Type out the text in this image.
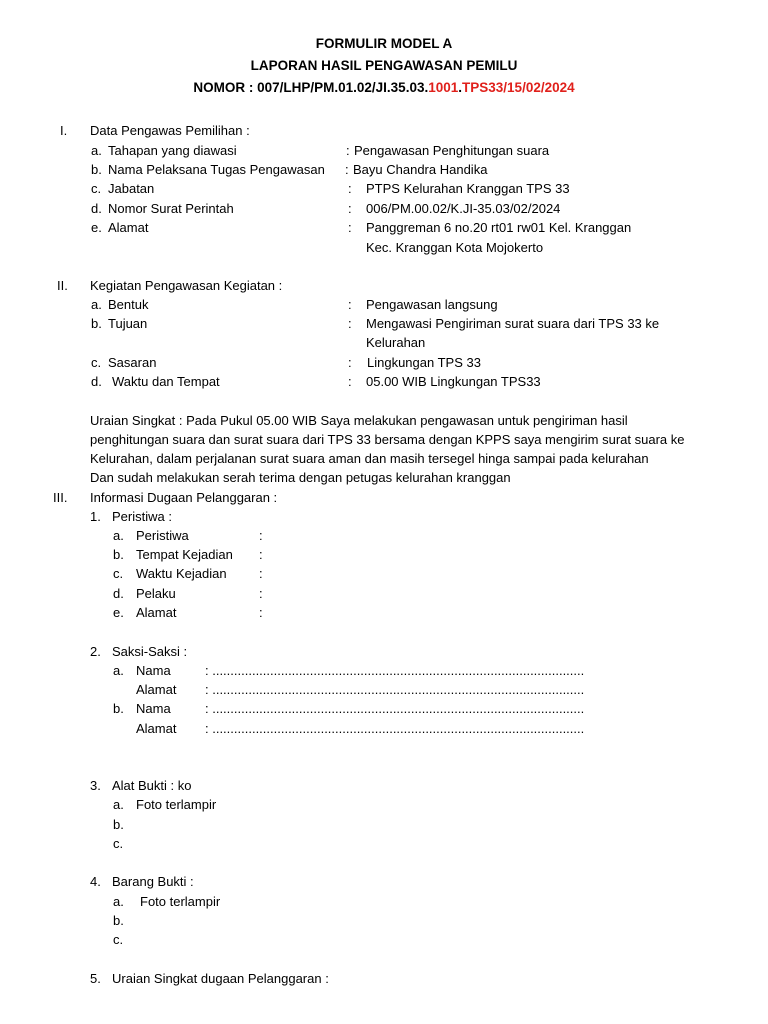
FORMULIR MODEL A
LAPORAN HASIL PENGAWASAN PEMILU
NOMOR : 007/LHP/PM.01.02/JI.35.03.1001.TPS33/15/02/2024
I. Data Pengawas Pemilihan :
a. Tahapan yang diawasi	: Pengawasan Penghitungan suara
b. Nama Pelaksana Tugas Pengawasan : Bayu Chandra Handika
c. Jabatan	: PTPS Kelurahan Kranggan TPS 33
d. Nomor Surat Perintah	: 006/PM.00.02/K.JI-35.03/02/2024
e. Alamat	: Panggreman 6 no.20 rt01 rw01 Kel. Kranggan
Kec. Kranggan Kota Mojokerto
II. Kegiatan Pengawasan Kegiatan :
a. Bentuk	: Pengawasan langsung
b. Tujuan	: Mengawasi Pengiriman surat suara dari TPS 33 ke
Kelurahan
c. Sasaran	: Lingkungan TPS 33
d. Waktu dan Tempat	: 05.00 WIB Lingkungan TPS33
Uraian Singkat : Pada Pukul 05.00 WIB Saya melakukan pengawasan untuk pengiriman hasil
penghitungan suara dan surat suara dari TPS 33 bersama dengan KPPS saya mengirim surat suara ke
Kelurahan, dalam perjalanan surat suara aman dan masih tersegel hinga sampai pada kelurahan
Dan sudah melakukan serah terima dengan petugas kelurahan kranggan
III. Informasi Dugaan Pelanggaran :
1. Peristiwa :
a. Peristiwa	:
b. Tempat Kejadian :
c. Waktu Kejadian :
d. Pelaku	:
e. Alamat	:
2. Saksi-Saksi :
a. Nama	: .......................................................................................................
Alamat : .......................................................................................................
b. Nama	: .......................................................................................................
Alamat : .......................................................................................................
3. Alat Bukti : ko
a. Foto terlampir
b.
c.
4. Barang Bukti :
a. Foto terlampir
b.
c.
5. Uraian Singkat dugaan Pelanggaran :
